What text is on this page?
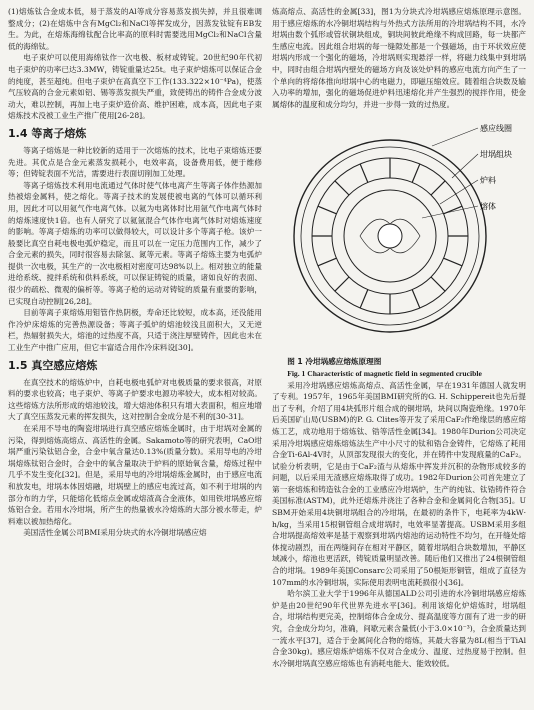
(1)熔炼钛合金成本低，易于蒸发的Al等成分容易蒸发损失掉，并且很难调整成分；(2)在熔炼中含有MgCl₂和NaCl等挥发成分，因蒸发钛锭有EB发生。为此，在熔炼海绵钛配合比率高的原料时需要选用MgCl₂和NaCl含量低的海绵钛。

电子束炉可以使用海绵钛作一次电极、板材或铸锭。20世纪90年代初电子束炉的功率已达3.3MW，铸锭重量达25t。电子束炉熔炼可以保证合金的纯度，甚至超纯。但电子束炉在高真空下工作(133.322×10⁻⁴Pa)，使蒸气压较高的合金元素如铝、锡等蒸发损失严重，致使铸出的铸件合金成分波动大，难以控制，再加上电子束炉造价高、维护困难，成本高，因此电子束熔炼技术没被工业生产推广使用[26-28]。

1.4 等离子熔炼

等离子熔炼是一种比较新的适用于一次熔炼的技术，比电子束熔炼还要先进。其优点是合金元素蒸发损耗小，电效率高，设备费用低，便于维修等；但铸锭表面不光洁，需要进行表面切削加工处理。

等离子熔炼技术利用电流通过气体时使气体电离产生等离子体作热源加热被熔金属料，使之熔化。等离子技术的发展使被电离的气体可以循环利用，因此才可以用氦气作电离气体。以氦为电离体时比用氩气作电离气体时的熔炼速度快1倍。也有人研究了以氦氩混合气体作电离气体时对熔炼速度的影响。等离子熔炼的功率可以做得较大，可以设计多个等离子枪。该炉一般要比真空自耗电极电弧炉稳定，而且可以在一定压力范围内工作，减少了合金元素的损失，同时很容易去除氢、氮等元素。等离子熔炼主要为电弧炉提供一次电极，其生产的一次电极相对密度可达98%以上。相对独立的能量进给系统、搅拌系统和供料系统，可以保证铸锭的质量，诸如良好的表面、很少的疏松、微观的偏析等。等离子枪的运动对铸锭的质量有重要的影响，已实现自动控制[26,28]。

目前等离子束熔炼用钼管作热阴极，寿命还比较短，成本高，还没能用作冷炉床熔炼的完善热源设备；等离子弧炉的熔池较浅且面积大，又无逆栏，热辐射损失大，熔池的过热度不高，只适于浇注厚壁铸件，因此也未在工业生产中推广应用，但它丰富适合用作冷床料设[30]。

1.5 真空感应熔炼

在真空技术的熔炼炉中，自耗电极电弧炉对电极质量的要求很高，对原料的要求也较高；电子束炉、等离子炉要求电源功率较大，成本相对较高。这些熔炼方法所形成的熔池较浅，增大熔池体积只有增大表面积，相应地增大了真空压蒸发元素的挥发损失，这对控制合金成分是不利的[30-31]。

在采用不导电的陶瓷坩埚进行真空感应熔炼金属时，由于坩埚对金属的污染，得到熔炼高熔点、高活性的金属。Sakamoto等的研究表明，CaO坩埚严重污染钛铝合金，合金中氧含量达0.13%(质量分数)。采用导电的冷坩埚熔炼钛铝合金时，合金中的氧含量取决于炉料的原始氧含量，熔炼过程中几乎不发生变化[32]。但是，采用导电的冷坩埚熔炼金属时，由于感应电流和放发电，坩埚本体因熔融，坩埚壁上的感应电流过高，如不利于坩埚的内部分布的力学，只能熔化低熔点金属或熔渣高合金液体，如用铁坩埚感应熔炼铝合金。若用水冷坩埚，所产生的热量被水冷熔炼的大部分被水带走，炉料难以被加热熔化。

美国活性金属公司BMI采用分块式的水冷铜坩埚感应熔

炼高熔点、高活性的金属[33]，图1为分块式冷坩埚感应熔炼原理示意图。用于感应熔炼的水冷铜坩埚结构与外热式方法所用的冷坩埚结构不同，水冷坩埚由数个弧形或管状铜块组成，铜块间彼此绝缘不构成回路，每一块都产生感应电流。因此组合坩埚的每一缝隙处都是一个强磁场，由于环状效应使坩埚内形成一个强化的磁场，冷坩埚则实现悬浮一样，将磁力线集中到坩埚中，同时由组合坩埚内壁处的磁场方向及该处炉料的感应电流方向产生了一个单向的将熔体推向坩埚中心的电磁力，即磁压缩效应。随着组合块数及输入功率的增加，强化的磁场促进炉料迅速熔化并产生强烈的搅拌作用，使金属熔体的温度和成分均匀，并进一步得一致的过热度。

感应线圈
坩埚组块
炉料
熔体

图 1 冷坩埚感应熔炼原理图

Fig. 1 Characteristic of magnetic field in segmented crucible

采用冷坩埚感应熔炼高熔点、高活性金属，早在1931年德国人就发明了专利。1957年，1965年美国BMI研究所的G. H. Schippereit也先后提出了专利，介绍了用4块弧形片组合成的铜坩埚，块间以陶瓷绝缘。1970年后美国矿山局(USBM)的P. G. Clites等开发了采用CaF₂作绝缘层的感应熔炼工艺，成功地用于熔炼钛、锆等活性金属[34]。1980年Durion公司决定采用冷坩埚感应熔炼熔炼法生产中小尺寸的钛和锆合金铸件，它熔炼了耗用合金Ti-6Al-4V时，从顶部发现很大的变化，并在铸件中发现痕量的CaF₂。试验分析表明，它是由于CaF₂渣与从熔炼中挥发并沉积的杂物形成较多的问题，以后采用无渣感应熔炼取得了成功。1982年Durion公司首先建立了第一套熔炼和铸造钛合金的工业感应冷坩埚炉，生产的纯钛、钛锆铸件符合美国标准(ASTM)，此外还熔炼并浇注了各种合金和金属间化合物[35]。USBM开始采用4块铜坩埚组合的冷坩埚，在最初的条件下，电耗率为4kW·h/kg，当采用15根铜管组合成坩埚时，电效率显著提高。USBM采用多组合坩埚提高熔效率是基于观察到坩埚内熔池的运动特性不均匀，在开缝处熔体搅动剧烈，而在两缝间存在相对平静区，随着坩埚组合块数增加，平静区域减小，熔池也更活跃，铸锭质量明显改善。随后他们又推出了24根铜管组合的坩埚。1989年美国Consarc公司采用了50根矩形铜管，组成了直径为107mm的水冷铜坩埚，实际使用表明电流耗损很小[36]。

哈尔滨工业大学于1996年从德国ALD公司引进的水冷铜坩埚感应熔炼炉是由20世纪90年代世界先进水平[36]。利用该熔化炉熔炼时，坩埚组合，坩埚结构更完美，控制熔体合金成分、提高温度等方面有了进一步的研究，合金成分均匀，准确，间歇元素含量低(小于3.0×10⁻³)，合金质量达到一流水平[37]，适合于金属间化合物的熔炼，其最大容量为8L(相当于TiAl合金30kg)。感应熔炼炉熔炼不仅对合金成分、温度、过热度易于控制。但水冷铜坩埚真空感应熔炼也有消耗电能大、能效较低。
